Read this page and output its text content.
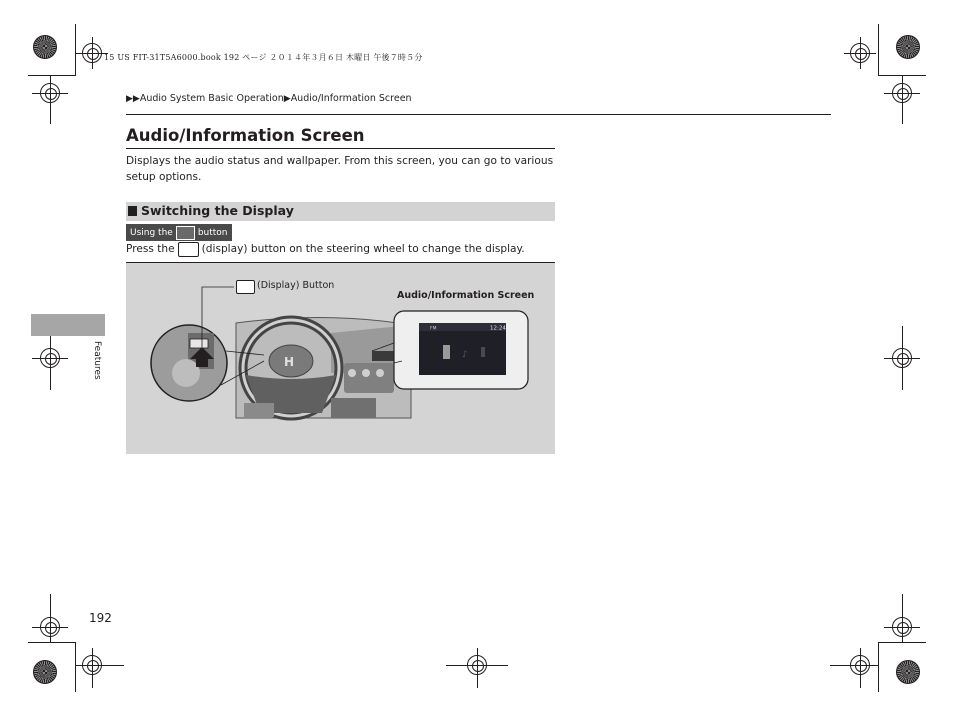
15 US FIT-31T5A6000.book 192 ページ ２０１４年３月６日 木曜日 午後７時５分
▶▶Audio System Basic Operation▶Audio/Information Screen
Audio/Information Screen
Displays the audio status and wallpaper. From this screen, you can go to various setup options.
Switching the Display
Using the	button
Press the	(display) button on the steering wheel to change the display.
H
12:24
FM
♪
(Display) Button
Audio/Information Screen
Features
192
